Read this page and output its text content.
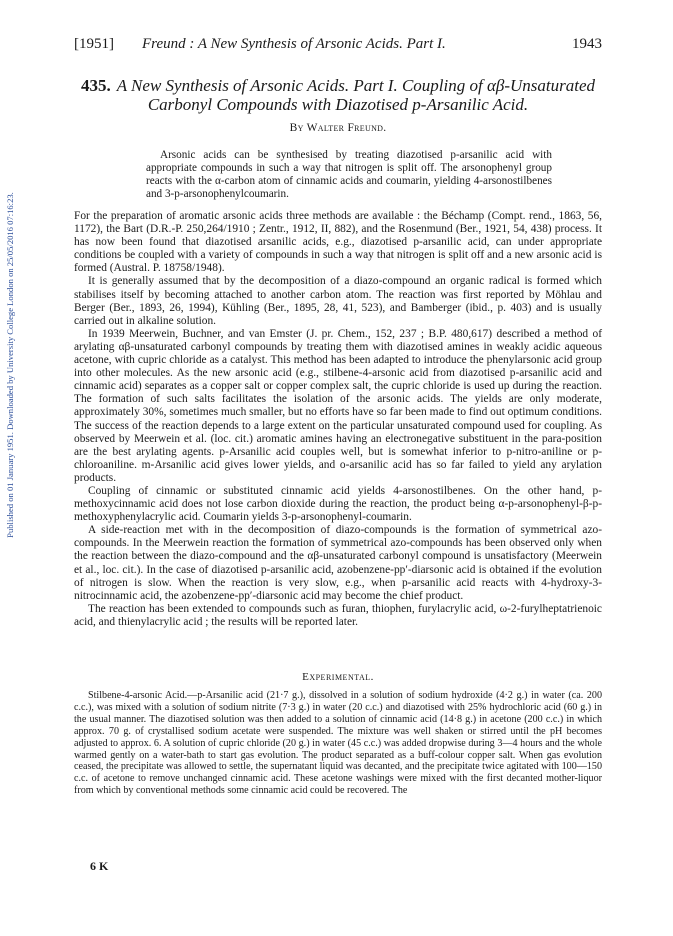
Published on 01 January 1951. Downloaded by University College London on 25/05/2016 07:16:23.
[1951] Freund : A New Synthesis of Arsonic Acids. Part I.	1943
435. A New Synthesis of Arsonic Acids. Part I. Coupling of αβ-Unsaturated Carbonyl Compounds with Diazotised p-Arsanilic Acid.
By Walter Freund.

Arsonic acids can be synthesised by treating diazotised p-arsanilic acid with appropriate compounds in such a way that nitrogen is split off. The arsonophenyl group reacts with the α-carbon atom of cinnamic acids and coumarin, yielding 4-arsonostilbenes and 3-p-arsonophenylcoumarin.

For the preparation of aromatic arsonic acids three methods are available : the Béchamp (Compt. rend., 1863, 56, 1172), the Bart (D.R.-P. 250,264/1910 ; Zentr., 1912, II, 882), and the Rosenmund (Ber., 1921, 54, 438) process. It has now been found that diazotised arsanilic acids, e.g., diazotised p-arsanilic acid, can under appropriate conditions be coupled with a variety of compounds in such a way that nitrogen is split off and a new arsonic acid is formed (Austral. P. 18758/1948).

It is generally assumed that by the decomposition of a diazo-compound an organic radical is formed which stabilises itself by becoming attached to another carbon atom. The reaction was first reported by Möhlau and Berger (Ber., 1893, 26, 1994), Kühling (Ber., 1895, 28, 41, 523), and Bamberger (ibid., p. 403) and is usually carried out in alkaline solution.

In 1939 Meerwein, Buchner, and van Emster (J. pr. Chem., 152, 237 ; B.P. 480,617) described a method of arylating αβ-unsaturated carbonyl compounds by treating them with diazotised amines in weakly acidic aqueous acetone, with cupric chloride as a catalyst. This method has been adapted to introduce the phenylarsonic acid group into other molecules. As the new arsonic acid (e.g., stilbene-4-arsonic acid from diazotised p-arsanilic acid and cinnamic acid) separates as a copper salt or copper complex salt, the cupric chloride is used up during the reaction. The formation of such salts facilitates the isolation of the arsonic acids. The yields are only moderate, approximately 30%, sometimes much smaller, but no efforts have so far been made to find out optimum conditions. The success of the reaction depends to a large extent on the particular unsaturated compound used for coupling. As observed by Meerwein et al. (loc. cit.) aromatic amines having an electronegative substituent in the para-position are the best arylating agents. p-Arsanilic acid couples well, but is somewhat inferior to p-nitro-aniline or p-chloroaniline. m-Arsanilic acid gives lower yields, and o-arsanilic acid has so far failed to yield any arylation products.

Coupling of cinnamic or substituted cinnamic acid yields 4-arsonostilbenes. On the other hand, p-methoxycinnamic acid does not lose carbon dioxide during the reaction, the product being α-p-arsonophenyl-β-p-methoxyphenylacrylic acid. Coumarin yields 3-p-arsonophenyl-coumarin.

A side-reaction met with in the decomposition of diazo-compounds is the formation of symmetrical azo-compounds. In the Meerwein reaction the formation of symmetrical azo-compounds has been observed only when the reaction between the diazo-compound and the αβ-unsaturated carbonyl compound is unsatisfactory (Meerwein et al., loc. cit.). In the case of diazotised p-arsanilic acid, azobenzene-pp′-diarsonic acid is obtained if the evolution of nitrogen is slow. When the reaction is very slow, e.g., when p-arsanilic acid reacts with 4-hydroxy-3-nitrocinnamic acid, the azobenzene-pp′-diarsonic acid may become the chief product.

The reaction has been extended to compounds such as furan, thiophen, furylacrylic acid, ω-2-furylheptatrienoic acid, and thienylacrylic acid ; the results will be reported later.

Experimental.

Stilbene-4-arsonic Acid.—p-Arsanilic acid (21·7 g.), dissolved in a solution of sodium hydroxide (4·2 g.) in water (ca. 200 c.c.), was mixed with a solution of sodium nitrite (7·3 g.) in water (20 c.c.) and diazotised with 25% hydrochloric acid (60 g.) in the usual manner. The diazotised solution was then added to a solution of cinnamic acid (14·8 g.) in acetone (200 c.c.) in which approx. 70 g. of crystallised sodium acetate were suspended. The mixture was well shaken or stirred until the pH becomes adjusted to approx. 6. A solution of cupric chloride (20 g.) in water (45 c.c.) was added dropwise during 3—4 hours and the whole warmed gently on a water-bath to start gas evolution. The product separated as a buff-colour copper salt. When gas evolution ceased, the precipitate was allowed to settle, the supernatant liquid was decanted, and the precipitate twice agitated with 100—150 c.c. of acetone to remove unchanged cinnamic acid. These acetone washings were mixed with the first decanted mother-liquor from which by conventional methods some cinnamic acid could be recovered. The

6 K
